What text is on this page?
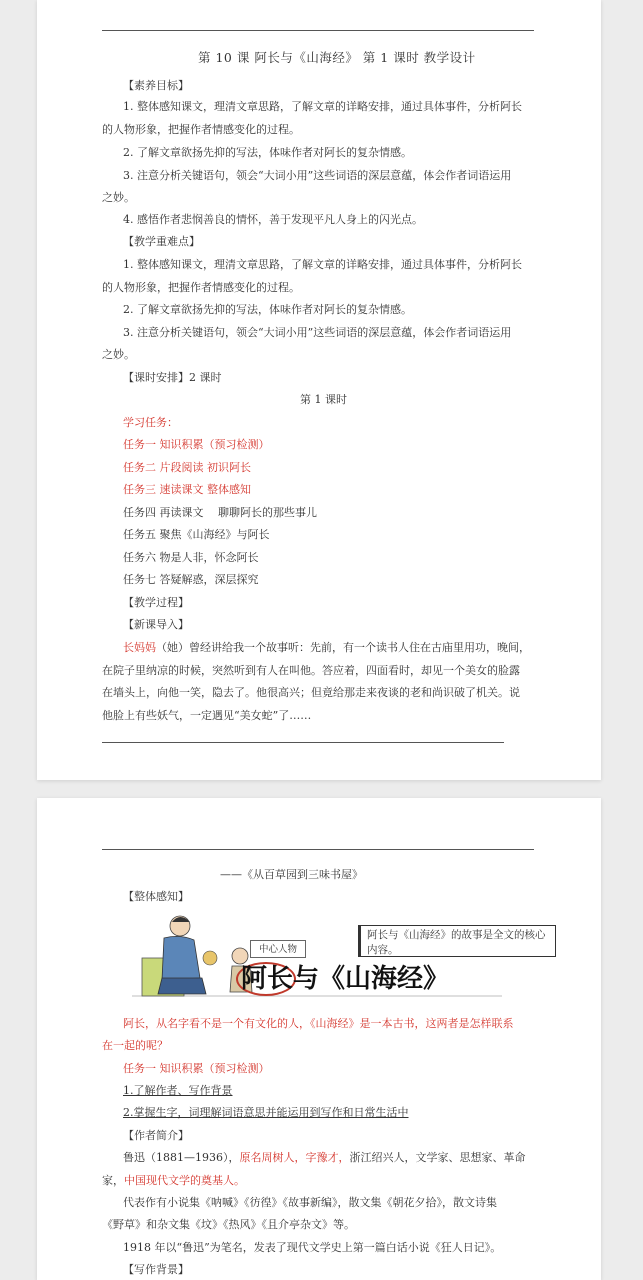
第 10 课 阿长与《山海经》 第 1 课时 教学设计
【素养目标】
1. 整体感知课文，理清文章思路，了解文章的详略安排，通过具体事件，分析阿长
的人物形象，把握作者情感变化的过程。
2. 了解文章欲扬先抑的写法，体味作者对阿长的复杂情感。
3. 注意分析关键语句，领会“大词小用”这些词语的深层意蕴，体会作者词语运用
之妙。
4. 感悟作者悲悯善良的情怀，善于发现平凡人身上的闪光点。
【教学重难点】
1. 整体感知课文，理清文章思路，了解文章的详略安排，通过具体事件，分析阿长
的人物形象，把握作者情感变化的过程。
2. 了解文章欲扬先抑的写法，体味作者对阿长的复杂情感。
3. 注意分析关键语句，领会“大词小用”这些词语的深层意蕴，体会作者词语运用
之妙。
【课时安排】2 课时
第 1 课时
学习任务：
任务一 知识积累（预习检测）
任务二 片段阅读 初识阿长
任务三 速读课文 整体感知
任务四 再读课文　 聊聊阿长的那些事儿
任务五 聚焦《山海经》与阿长
任务六 物是人非，怀念阿长
任务七 答疑解惑，深层探究
【教学过程】
【新课导入】
长妈妈（她）曾经讲给我一个故事听：先前，有一个读书人住在古庙里用功，晚间，
在院子里纳凉的时候，突然听到有人在叫他。答应着，四面看时，却见一个美女的脸露
在墙头上，向他一笑，隐去了。他很高兴；但竟给那走来夜谈的老和尚识破了机关。说
他脸上有些妖气，一定遇见“美女蛇”了……
——《从百草园到三味书屋》
【整体感知】
中心人物
阿长与《山海经》的故事是全文的核心内容。
阿长与《山海经》
阿长，从名字看不是一个有文化的人，《山海经》是一本古书，这两者是怎样联系
在一起的呢？
任务一 知识积累（预习检测）
1.了解作者、写作背景
2.掌握生字，词理解词语意思并能运用到写作和日常生活中
【作者简介】
鲁迅（1881—1936），原名周树人，字豫才，浙江绍兴人，文学家、思想家、革命
家，中国现代文学的奠基人。
代表作有小说集《呐喊》《彷徨》《故事新编》，散文集《朝花夕拾》，散文诗集
《野草》和杂文集《坟》《热风》《且介亭杂文》等。
1918 年以“鲁迅”为笔名，发表了现代文学史上第一篇白话小说《狂人日记》。
【写作背景】
